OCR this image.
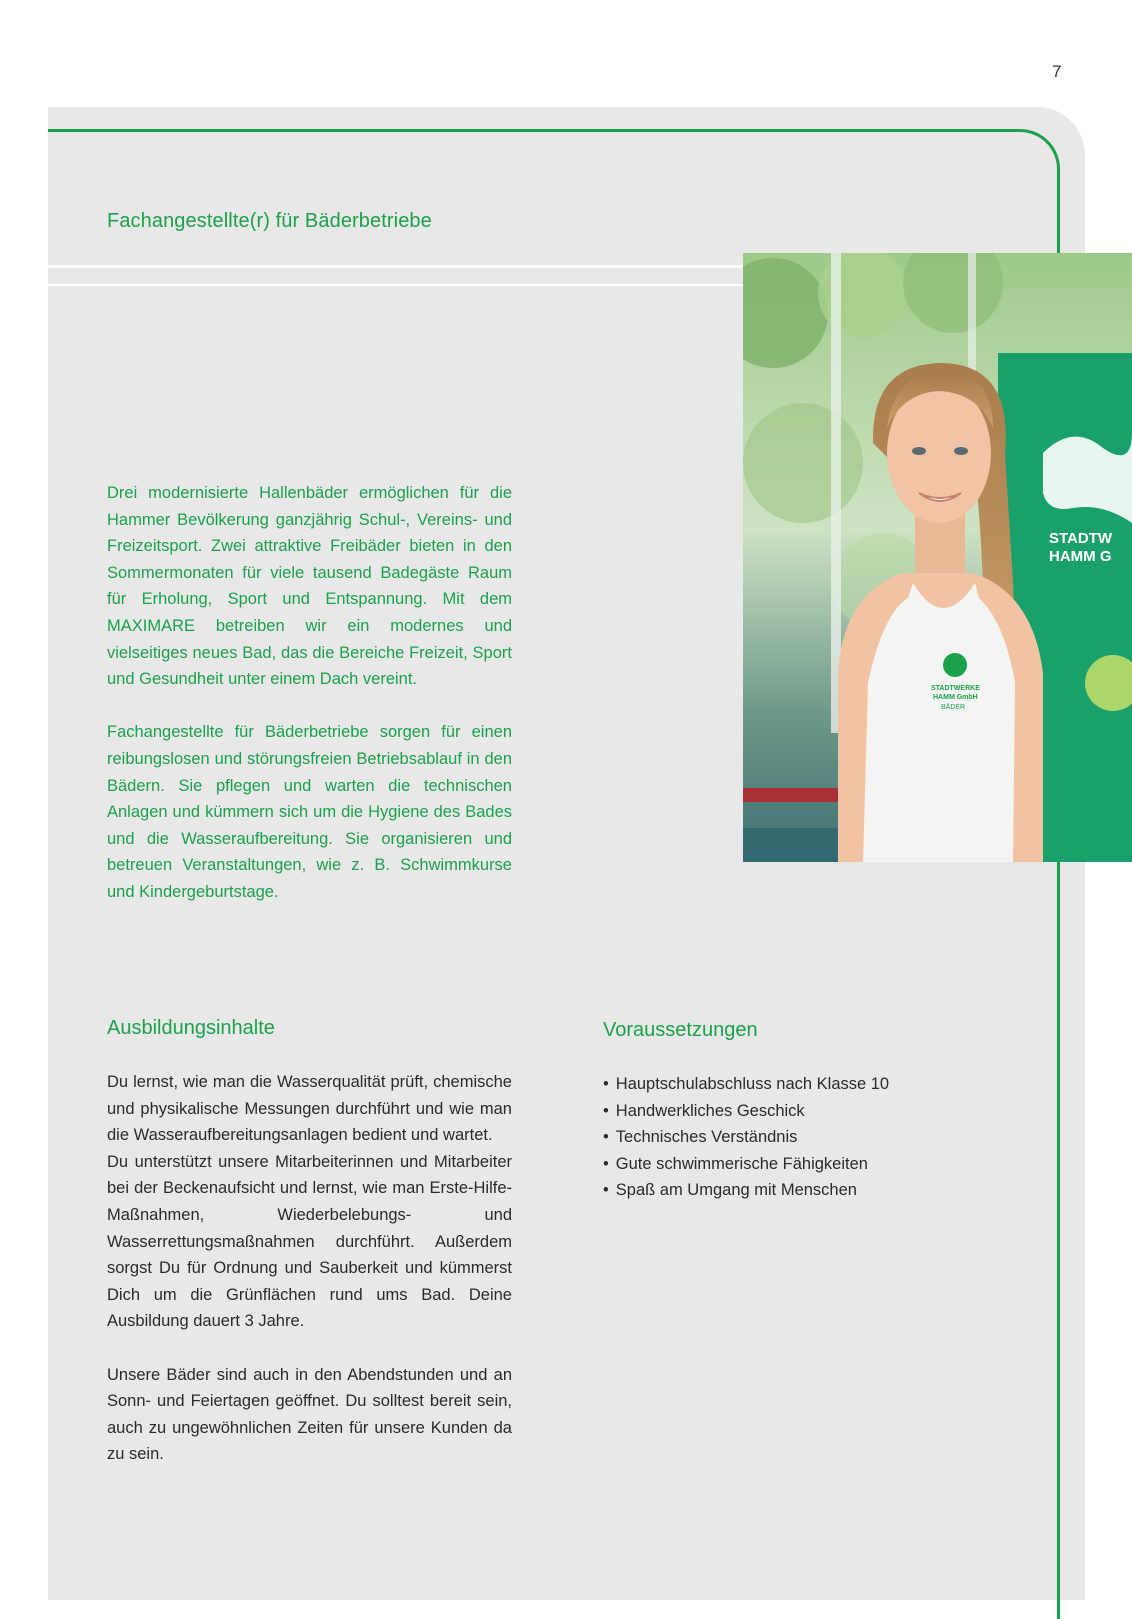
7
Fachangestellte(r) für Bäderbetriebe

Drei modernisierte Hallenbäder ermöglichen für die Hammer Bevölkerung ganzjährig Schul-, Vereins- und Freizeitsport. Zwei attraktive Freibäder bieten in den Sommermonaten für viele tausend Badegäste Raum für Erholung, Sport und Entspannung. Mit dem MAXIMARE betreiben wir ein modernes und vielseitiges neues Bad, das die Bereiche Freizeit, Sport und Gesundheit unter einem Dach vereint.

Fachangestellte für Bäderbetriebe sorgen für einen reibungslosen und störungsfreien Betriebsablauf in den Bädern. Sie pflegen und warten die technischen Anlagen und kümmern sich um die Hygiene des Bades und die Wasseraufbereitung. Sie organisieren und betreuen Veranstaltungen, wie z. B. Schwimmkurse und Kindergeburtstage.

Ausbildungsinhalte

Du lernst, wie man die Wasserqualität prüft, chemische und physikalische Messungen durchführt und wie man die Wasseraufbereitungsanlagen bedient und wartet.

Du unterstützt unsere Mitarbeiterinnen und Mitarbeiter bei der Beckenaufsicht und lernst, wie man Erste-Hilfe-Maßnahmen, Wiederbelebungs- und Wasserrettungsmaßnahmen durchführt. Außerdem sorgst Du für Ordnung und Sauberkeit und kümmerst Dich um die Grünflächen rund ums Bad. Deine Ausbildung dauert 3 Jahre.

Unsere Bäder sind auch in den Abendstunden und an Sonn- und Feiertagen geöffnet. Du solltest bereit sein, auch zu ungewöhnlichen Zeiten für unsere Kunden da zu sein.

Voraussetzungen
• Hauptschulabschluss nach Klasse 10
• Handwerkliches Geschick
• Technisches Verständnis
• Gute schwimmerische Fähigkeiten
• Spaß am Umgang mit Menschen
STADTW
HAMM G
STADTWERKE
HAMM GmbH
BÄDER
